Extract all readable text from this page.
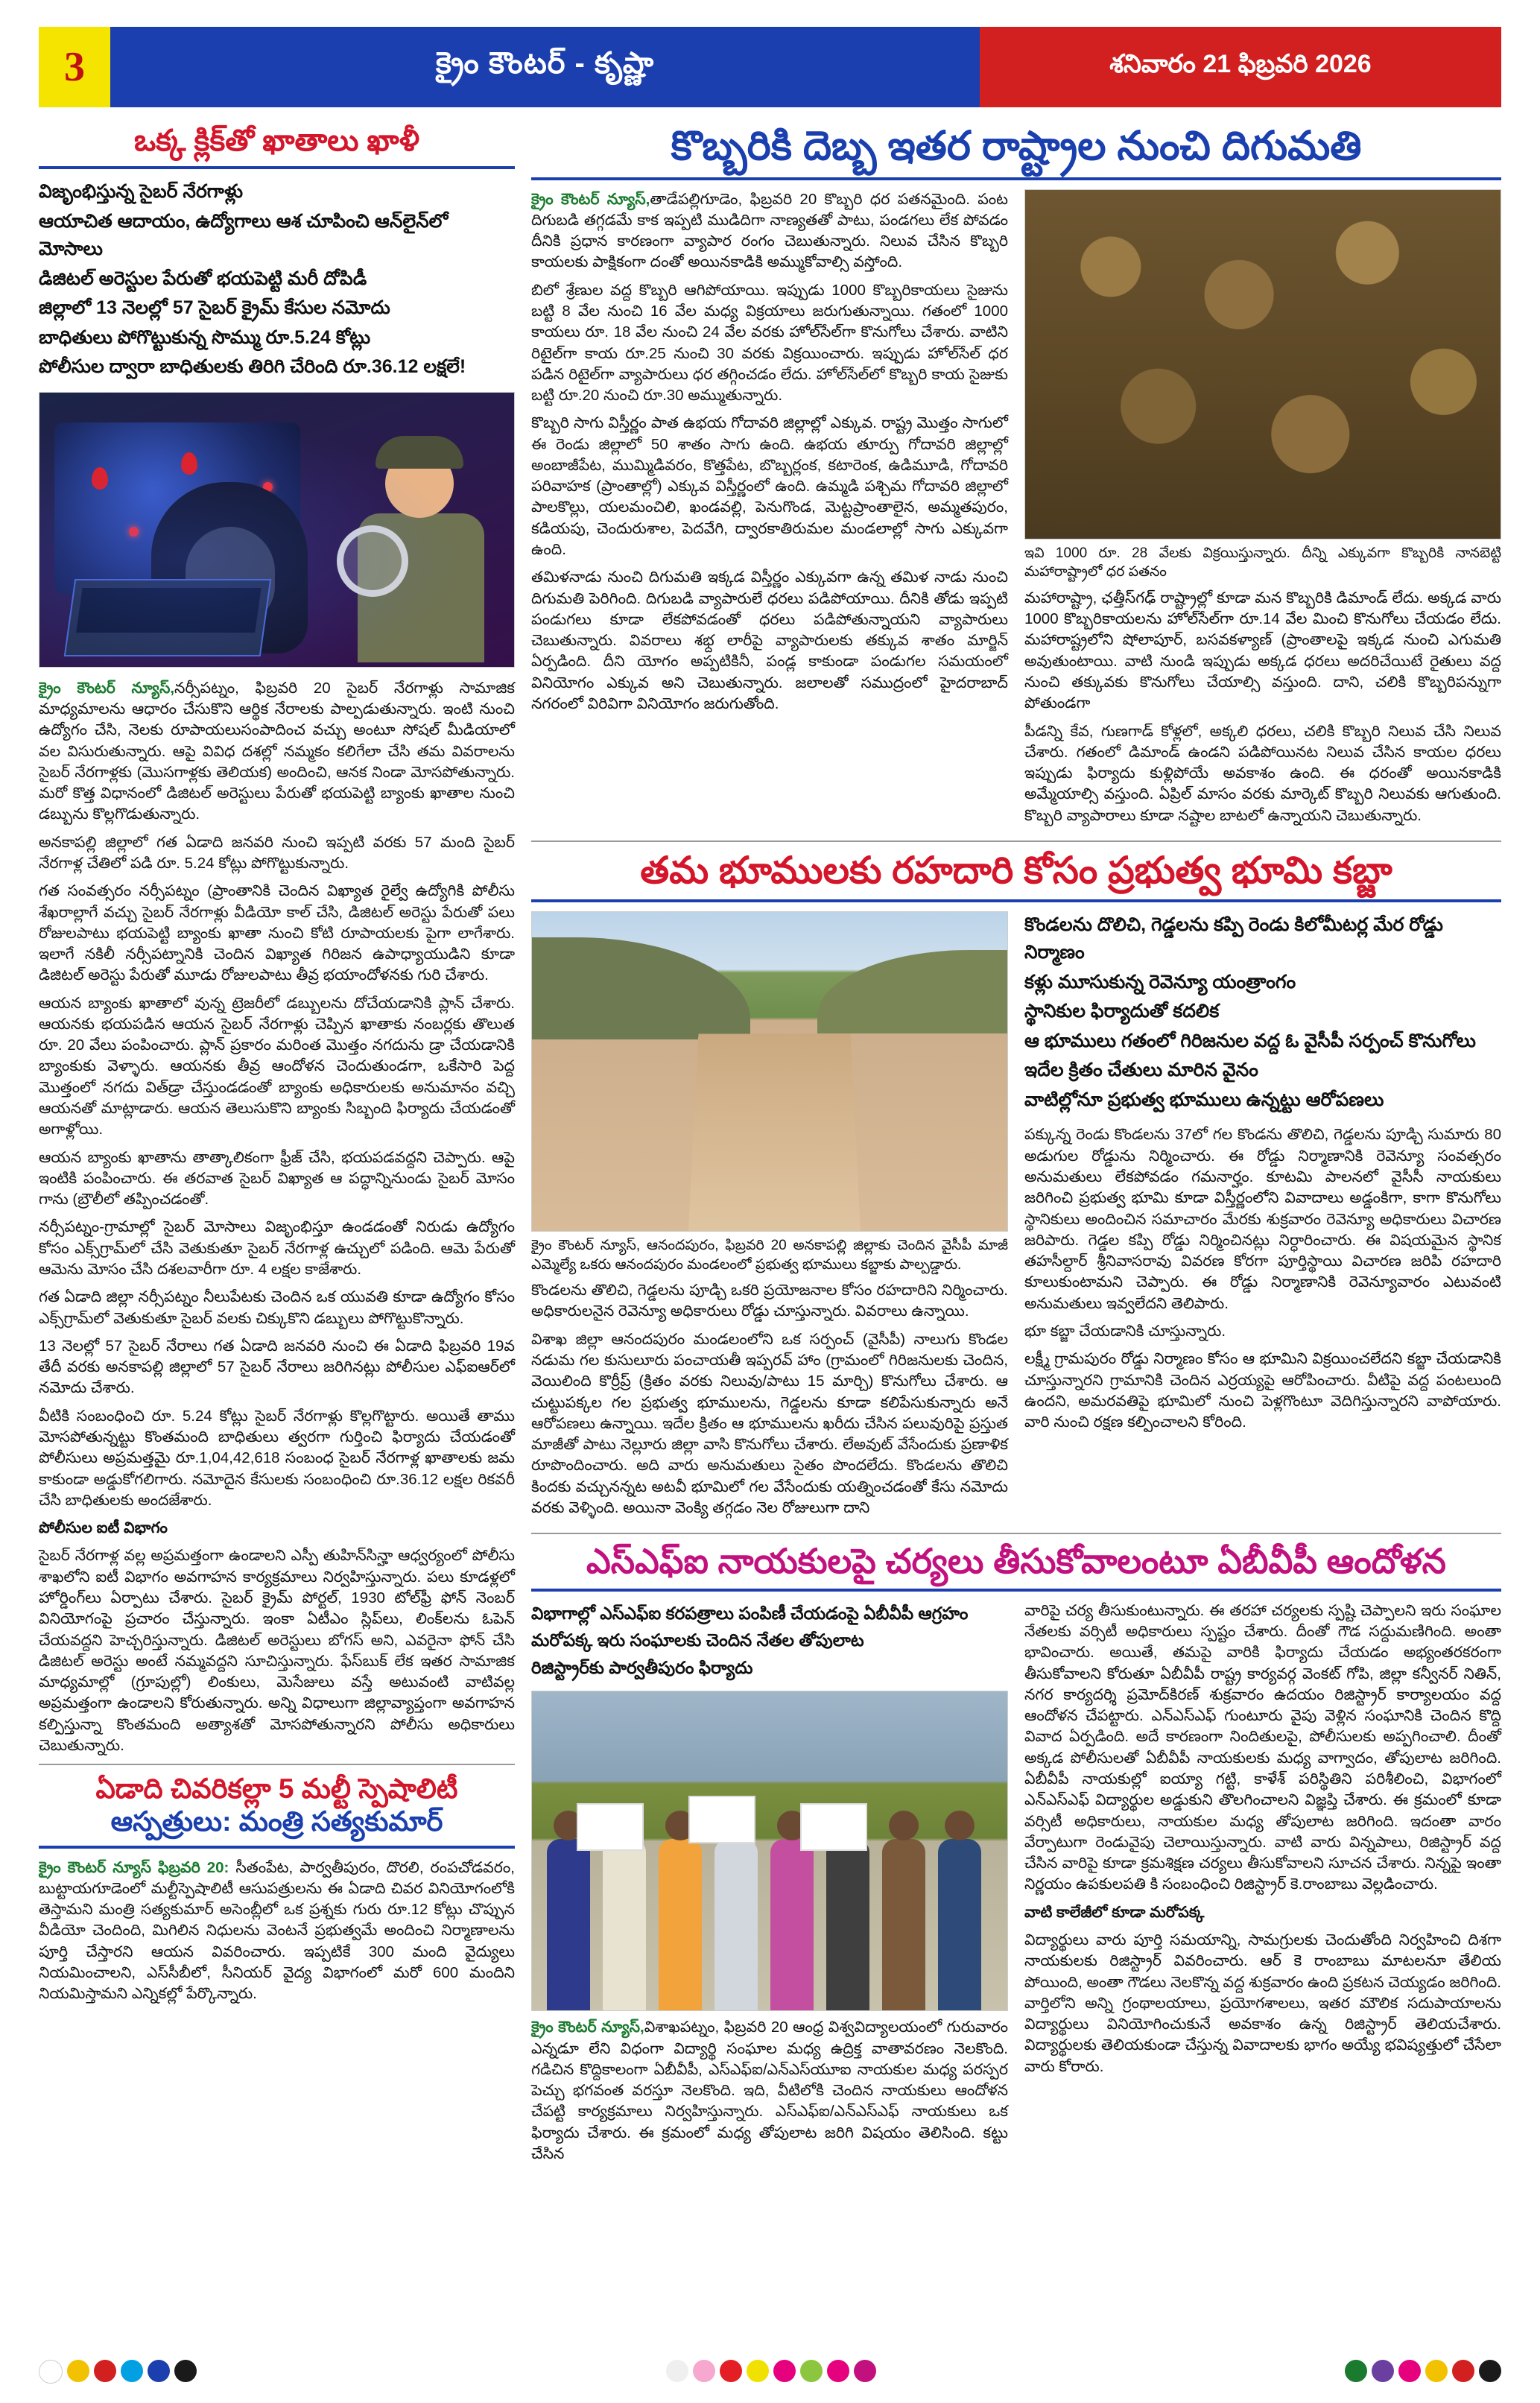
3	క్రైం కౌంటర్ - కృష్ణా	శనివారం 21 ఫిబ్రవరి 2026
ఒక్క క్లిక్‌తో ఖాతాలు ఖాళీ
విజృంభిస్తున్న సైబర్ నేరగాళ్లు
ఆయాచిత ఆదాయం, ఉద్యోగాలు ఆశ చూపించి ఆన్‌లైన్‌లో మోసాలు
డిజిటల్ అరెస్టుల పేరుతో భయపెట్టి మరీ దోపిడీ
జిల్లాలో 13 నెలల్లో 57 సైబర్ క్రైమ్ కేసుల నమోదు
బాధితులు పోగొట్టుకున్న సొమ్ము రూ.5.24 కోట్లు
పోలీసుల ద్వారా బాధితులకు తిరిగి చేరింది రూ.36.12 లక్షలే!

క్రైం కౌంటర్ న్యూస్,నర్సీపట్నం, ఫిబ్రవరి 20 సైబర్ నేరగాళ్లు సామాజిక మాధ్యమాలను ఆధారం చేసుకొని ఆర్థిక నేరాలకు పాల్పడుతున్నారు. ఇంటి నుంచి ఉద్యోగం చేసి, నెలకు రూపాయలుసంపాదించ వచ్చు అంటూ సోషల్ మీడియాలో వల విసురుతున్నారు. ఆపై వివిధ దశల్లో నమ్మకం కలిగేలా చేసి తమ వివరాలను సైబర్ నేరగాళ్లకు (మొసగాళ్లకు తెలియక) అందించి, ఆనక నిండా మోసపోతున్నారు. మరో కొత్త విధానంలో డిజిటల్ అరెస్టులు పేరుతో భయపెట్టి బ్యాంకు ఖాతాల నుంచి డబ్బును కొల్లగొడుతున్నారు.

అనకాపల్లి జిల్లాలో గత ఏడాది జనవరి నుంచి ఇప్పటి వరకు 57 మంది సైబర్ నేరగాళ్ల చేతిలో పడి రూ. 5.24 కోట్లు పోగొట్టుకున్నారు.

గత సంవత్సరం నర్సీపట్నం (ప్రాంతానికి చెందిన విఖ్యాత రైల్వే ఉద్యోగికి పోలీసు శేఖరాల్లాగే వచ్చు సైబర్ నేరగాళ్లు వీడియో కాల్ చేసి, డిజిటల్ అరెస్టు పేరుతో పలు రోజులపాటు భయపెట్టి బ్యాంకు ఖాతా నుంచి కోటి రూపాయలకు పైగా లాగేశారు. ఇలాగే నకిలీ నర్సీపట్నానికి చెందిన విఖ్యాత గిరిజన ఉపాధ్యాయుడిని కూడా డిజిటల్ అరెస్టు పేరుతో మూడు రోజులపాటు తీవ్ర భయాందోళనకు గురి చేశారు.

ఆయన బ్యాంకు ఖాతాలో వున్న ట్రెజరీలో డబ్బులను దోచేయడానికి ప్లాన్ చేశారు. ఆయనకు భయపడిన ఆయన సైబర్ నేరగాళ్లు చెప్పిన ఖాతాకు నంబర్లకు తొలుత రూ. 20 వేలు పంపించారు. ప్లాన్ ప్రకారం మరింత మొత్తం నగదును డ్రా చేయడానికి బ్యాంకుకు వెళ్ళారు. ఆయనకు తీవ్ర ఆందోళన చెందుతుండగా, ఒకేసారి పెద్ద మొత్తంలో నగదు విత్‌డ్రా చేస్తుండడంతో బ్యాంకు అధికారులకు అనుమానం వచ్చి ఆయనతో మాట్లాడారు. ఆయన తెలుసుకొని బ్యాంకు సిబ్బంది ఫిర్యాదు చేయడంతో అగాళ్లోయి.

ఆయన బ్యాంకు ఖాతాను తాత్కాలికంగా ఫ్రీజ్ చేసి, భయపడవద్దని చెప్పారు. ఆపై ఇంటికి పంపించారు. ఈ తరవాత సైబర్ విఖ్యాత ఆ పద్ధాన్నినుండు సైబర్ మోసం గాను (బ్రౌలీలో తప్పించడంతో.

నర్సీపట్నం-గ్రామాల్లో సైబర్ మోసాలు విజృంభిస్తూ ఉండడంతో నిరుడు ఉద్యోగం కోసం ఎక్స్‌గ్రామ్‌లో చేసి వెతుకుతూ సైబర్ నేరగాళ్ల ఉచ్చులో పడింది. ఆమె పేరుతో ఆమెను మోసం చేసి దశలవారీగా రూ. 4 లక్షల కాజేశారు.

గత ఏడాది జిల్లా నర్సీపట్నం నీలుపేటకు చెందిన ఒక యువతి కూడా ఉద్యోగం కోసం ఎక్స్‌గ్రామ్‌లో వెతుకుతూ సైబర్ వలకు చిక్కుకొని డబ్బులు పోగొట్టుకొన్నారు.

13 నెలల్లో 57 సైబర్ నేరాలు గత ఏడాది జనవరి నుంచి ఈ ఏడాది ఫిబ్రవరి 19వ తేదీ వరకు అనకాపల్లి జిల్లాలో 57 సైబర్ నేరాలు జరిగినట్లు పోలీసుల ఎఫ్ఐఆర్‌లో నమోదు చేశారు.

వీటికి సంబంధించి రూ. 5.24 కోట్లు సైబర్ నేరగాళ్లు కొల్లగొట్టారు. అయితే తాము మోసపోతున్నట్టు కొంతమంది బాధితులు త్వరగా గుర్తించి ఫిర్యాదు చేయడంతో పోలీసులు అప్రమత్తమై రూ.1,04,42,618 సంబంధ సైబర్ నేరగాళ్ల ఖాతాలకు జమ కాకుండా అడ్డుకోగలిగారు. నమోదైన కేసులకు సంబంధించి రూ.36.12 లక్షల రికవరీ చేసి బాధితులకు అందజేశారు.

పోలీసుల ఐటీ విభాగం

సైబర్ నేరగాళ్ల వల్ల అప్రమత్తంగా ఉండాలని ఎస్పీ తుహిన్‌సిన్హా ఆధ్వర్యంలో పోలీసు శాఖలోని ఐటీ విభాగం అవగాహన కార్యక్రమాలు నిర్వహిస్తున్నారు. పలు కూడళ్లలో హోర్డింగ్‌లు ఏర్పాటు చేశారు. సైబర్ క్రైమ్ పోర్టల్, 1930 టోల్‌ఫ్రీ ఫోన్ నెంబర్ వినియోగంపై ప్రచారం చేస్తున్నారు. ఇంకా ఏటీఎం స్లిప్‌లు, లింక్‌లను ఓపెన్ చేయవద్దని హెచ్చరిస్తున్నారు. డిజిటల్ అరెస్టులు బోగస్ అని, ఎవరైనా ఫోన్ చేసి డిజిటల్ అరెస్టు అంటే నమ్మవద్దని సూచిస్తున్నారు. ఫేస్‌బుక్ లేక ఇతర సామాజిక మాధ్యమాల్లో (గ్రూపుల్లో) లింకులు, మెసేజులు వస్తే అటువంటి వాటివల్ల అప్రమత్తంగా ఉండాలని కోరుతున్నారు. అన్ని విధాలుగా జిల్లావ్యాప్తంగా అవగాహన కల్పిస్తున్నా కొంతమంది అత్యాశతో మోసపోతున్నారని పోలీసు అధికారులు చెబుతున్నారు.

ఏడాది చివరికల్లా 5 మల్టీ స్పెషాలిటీ
ఆస్పత్రులు: మంత్రి సత్యకుమార్

క్రైం కౌంటర్ న్యూస్ ఫిబ్రవరి 20: సీతంపేట, పార్వతీపురం, దొరలి, రంపచోడవరం, బుట్టాయగూడెంలో మల్టీస్పెషాలిటీ ఆసుపత్రులను ఈ ఏడాది చివర వినియోగంలోకి తెస్తామని మంత్రి సత్యకుమార్ అసెంబ్లీలో ఒక ప్రశ్నకు గురు రూ.12 కోట్లు చొప్పున వీడియో చెందింది, మిగిలిన నిధులను వెంటనే ప్రభుత్వమే అందించి నిర్మాణాలను పూర్తి చేస్తారని ఆయన వివరించారు. ఇప్పటికే 300 మంది వైద్యులు నియమించాలని, ఎస్‌సీబీలో, సీనియర్ వైద్య విభాగంలో మరో 600 మందిని నియమిస్తామని ఎన్నికల్లో పేర్కొన్నారు.

కొబ్బరికి దెబ్బ ఇతర రాష్ట్రాల నుంచి దిగుమతి

క్రైం కౌంటర్ న్యూస్,తాడేపల్లిగూడెం, ఫిబ్రవరి 20 కొబ్బరి ధర పతనమైంది. పంట దిగుబడి తగ్గడమే కాక ఇప్పటి ముడిదిగా నాణ్యతతో పాటు, పండగలు లేక పోవడం దీనికి ప్రధాన కారణంగా వ్యాపార రంగం చెబుతున్నారు. నిలువ చేసిన కొబ్బరి కాయలకు పాక్షికంగా దంతో అయినకాడికి అమ్ముకోవాల్సి వస్తోంది.

బిలో శ్రేణుల వద్ద కొబ్బరి ఆగిపోయాయి. ఇప్పుడు 1000 కొబ్బరికాయలు సైజును బట్టి 8 వేల నుంచి 16 వేల మధ్య విక్రయాలు జరుగుతున్నాయి. గతంలో 1000 కాయలు రూ. 18 వేల నుంచి 24 వేల వరకు హోల్‌సేల్‌గా కొనుగోలు చేశారు. వాటిని రిటైల్‌గా కాయ రూ.25 నుంచి 30 వరకు విక్రయించారు. ఇప్పుడు హోల్‌సేల్ ధర పడిన రిటైల్‌గా వ్యాపారులు ధర తగ్గించడం లేదు. హోల్‌సేల్‌లో కొబ్బరి కాయ సైజుకు బట్టి రూ.20 నుంచి రూ.30 అమ్ముతున్నారు.

కొబ్బరి సాగు విస్తీర్ణం పాత ఉభయ గోదావరి జిల్లాల్లో ఎక్కువ. రాష్ట్ర మొత్తం సాగులో ఈ రెండు జిల్లాలో 50 శాతం సాగు ఉంది. ఉభయ తూర్పు గోదావరి జిల్లాల్లో అంబాజీపేట, ముమ్మిడివరం, కొత్తపేట, బొబ్బర్లంక, కటారెంక, ఉడిమూడి, గోదావరి పరివాహక (ప్రాంతాల్లో) ఎక్కువ విస్తీర్ణంలో ఉంది. ఉమ్మడి పశ్చిమ గోదావరి జిల్లాలో పాలకొల్లు, యలమంచిలి, ఖండవల్లి, పెనుగొండ, మెట్టప్రాంతాలైన, అమ్మతపురం, కడియపు, చెందురుశాల, పెదవేగి, ద్వారకాతిరుమల మండలాల్లో సాగు ఎక్కువగా ఉంది.

తమిళనాడు నుంచి దిగుమతి ఇక్కడ విస్తీర్ణం ఎక్కువగా ఉన్న తమిళ నాడు నుంచి దిగుమతి పెరిగింది. దిగుబడి వ్యాపారులే ధరలు పడిపోయాయి. దీనికి తోడు ఇప్పటి పండుగలు కూడా లేకపోవడంతో ధరలు పడిపోతున్నాయని వ్యాపారులు చెబుతున్నారు. వివరాలు శభ్ద లారీపై వ్యాపారులకు తక్కువ శాతం మార్జిన్ ఏర్పడింది. దీని యోగం అప్పటికినీ, పండ్ల కాకుండా పండుగల సమయంలో వినియోగం ఎక్కువ అని చెబుతున్నారు. జలాలతో సముద్రంలో హైదరాబాద్ నగరంలో విరివిగా వినియోగం జరుగుతోంది.

ఇవి 1000 రూ. 28 వేలకు విక్రయిస్తున్నారు. దీన్ని ఎక్కువగా కొబ్బరికి నానబెట్టి మహారాష్ట్రాలో ధర పతనం

మహారాష్ట్రా, ఛత్తీస్‌గఢ్ రాష్ట్రాల్లో కూడా మన కొబ్బరికి డిమాండ్ లేదు. అక్కడ వారు 1000 కొబ్బరికాయలను హోల్‌సేల్‌గా రూ.14 వేల మించి కొనుగోలు చేయడం లేదు. మహారాష్ట్రలోని షోలాపూర్, బసవకళ్యాణ్ (ప్రాంతాలపై ఇక్కడ నుంచి ఎగుమతి అవుతుంటాయి. వాటి నుండి ఇప్పుడు అక్కడ ధరలు అదరిచేయిటే రైతులు వద్ద నుంచి తక్కువకు కొనుగోలు చేయాల్సి వస్తుంది. దాని, చలికి కొబ్బరిపన్నుగా పోతుండగా

పీడన్ని కేవ, గుణగాడ్ కోళ్లలో, అక్కలి ధరలు, చలికి కొబ్బరి నిలువ చేసి నిలువ చేశారు. గతంలో డిమాండ్ ఉండని పడిపోయినట నిలువ చేసిన కాయల ధరలు ఇప్పుడు ఫిర్యాదు కుళ్లిపోయే అవకాశం ఉంది. ఈ ధరంతో అయినకాడికి అమ్మేయాల్సి వస్తుంది. ఏప్రిల్ మాసం వరకు మార్కెట్ కొబ్బరి నిలువకు ఆగుతుంది. కొబ్బరి వ్యాపారాలు కూడా నష్టాల బాటలో ఉన్నాయని చెబుతున్నారు.

తమ భూములకు రహదారి కోసం ప్రభుత్వ భూమి కబ్జా
క్రైం కౌంటర్ న్యూస్, ఆనందపురం, ఫిబ్రవరి 20 అనకాపల్లి జిల్లాకు చెందిన వైసీపీ మాజీ ఎమ్మెల్యే ఒకరు ఆనందపురం మండలంలో ప్రభుత్వ భూములు కబ్జాకు పాల్పడ్డారు.

కొండలను తొలిచి, గెడ్డలను పూడ్చి ఒకరి ప్రయోజనాల కోసం రహదారిని నిర్మించారు. అధికారులనైన రెవెన్యూ అధికారులు రోడ్డు చూస్తున్నారు. వివరాలు ఉన్నాయి.

విశాఖ జిల్లా ఆనందపురం మండలంలోని ఒక సర్పంచ్ (వైసీపీ) నాలుగు కొండల నడుమ గల కుసులూరు పంచాయతీ ఇప్పరవ్ హాం (గ్రామంలో గిరిజనులకు చెందిన, వెయిలింది కొర్రీప్ర్ (క్రితం వరకు నిలువు/పాటు 15 మార్చి) కొనుగోలు చేశారు. ఆ చుట్టుపక్కల గల ప్రభుత్వ భూములను, గెడ్డలను కూడా కలిపేసుకున్నారు అనే ఆరోపణలు ఉన్నాయి. ఇదేల క్రితం ఆ భూములను ఖరీదు చేసిన పలువురిపై ప్రస్తుత మాజీతో పాటు నెల్లూరు జిల్లా వాసి కొనుగోలు చేశారు. లేఅవుట్ వేసేందుకు ప్రణాళిక రూపొందించారు. అది వారు అనుమతులు సైతం పొందలేదు. కొండలను తొలిచి కిందకు వచ్చునన్నట అటవీ భూమిలో గల వేసేందుకు యత్నించడంతో కేసు నమోదు వరకు వెళ్ళింది. అయినా వెంక్యి తగ్గడం నెల రోజులుగా దాని

కొండలను దొలిచి, గెడ్డలను కప్పి రెండు కిలోమీటర్ల మేర రోడ్డు నిర్మాణం
కళ్లు మూసుకున్న రెవెన్యూ యంత్రాంగం
స్థానికుల ఫిర్యాదుతో కదలిక
ఆ భూములు గతంలో గిరిజనుల వద్ద ఓ వైసీపీ సర్పంచ్ కొనుగోలు
ఇదేల క్రితం చేతులు మారిన వైనం
వాటిల్లోనూ ప్రభుత్వ భూములు ఉన్నట్టు ఆరోపణలు

పక్కున్న రెండు కొండలను 37లో గల కొండను తొలిచి, గెడ్డలను పూడ్చి సుమారు 80 అడుగుల రోడ్డును నిర్మించారు. ఈ రోడ్డు నిర్మాణానికి రెవెన్యూ సంవత్సరం అనుమతులు లేకపోవడం గమనార్హం. కూటమి పాలనలో వైసీసీ నాయకులు జరిగించి ప్రభుత్వ భూమి కూడా విస్తీర్ణంలోని వివాదాలు అడ్డంకిగా, కాగా కొనుగోలు స్థానికులు అందించిన సమాచారం మేరకు శుక్రవారం రెవెన్యూ అధికారులు విచారణ జరిపారు. గెడ్డల కప్పి రోడ్డు నిర్మించినట్లు నిర్ధారించారు. ఈ విషయమైన స్థానిక తహసీల్దార్ శ్రీనివాసరావు వివరణ కోరగా పూర్తిస్థాయి విచారణ జరిపి రహదారి కూలుకుంటామని చెప్పారు. ఈ రోడ్డు నిర్మాణానికి రెవెన్యూవారం ఎటువంటి అనుమతులు ఇవ్వలేదని తెలిపారు.

భూ కబ్జా చేయడానికి చూస్తున్నారు.

లక్ష్మీ గ్రామపురం రోడ్డు నిర్మాణం కోసం ఆ భూమిని విక్రయించలేదని కబ్జా చేయడానికి చూస్తున్నారని గ్రామానికి చెందిన ఎర్రయ్యపై ఆరోపించారు. వీటిపై వద్ద పంటలుంది ఉందని, అమరవతిపై భూమిలో నుంచి పెళ్లగొంటూ వెదిగిస్తున్నారని వాపోయారు. వారి నుంచి రక్షణ కల్పించాలని కోరింది.

ఎస్ఎఫ్ఐ నాయకులపై చర్యలు తీసుకోవాలంటూ ఏబీవీపీ ఆందోళన
విభాగాల్లో ఎస్ఎఫ్ఐ కరపత్రాలు పంపిణీ చేయడంపై ఏబీవీపీ ఆగ్రహం
మరోపక్క ఇరు సంఘాలకు చెందిన నేతల తోపులాట
రిజిస్ట్రార్‌కు పార్వతీపురం ఫిర్యాదు

క్రైం కౌంటర్ న్యూస్,విశాఖపట్నం, ఫిబ్రవరి 20 ఆంధ్ర విశ్వవిద్యాలయంలో గురువారం ఎన్నడూ లేని విధంగా విద్యార్థి సంఘాల మధ్య ఉద్రిక్త వాతావరణం నెలకొంది. గడిచిన కొద్దికాలంగా ఏబీవీపీ, ఎస్‌ఎఫ్‌ఐ/ఎన్‌ఎస్‌యూఐ నాయకుల మధ్య పరస్పర పెచ్చు భగవంత వరస్తూ నెలకొంది. ఇది, వీటిలోకి చెందిన నాయకులు ఆందోళన చేపట్టి కార్యక్రమాలు నిర్వహిస్తున్నారు. ఎస్ఎఫ్ఐ/ఎన్ఎస్ఎఫ్ నాయకులు ఒక ఫిర్యాదు చేశారు. ఈ క్రమంలో మధ్య తోపులాట జరిగి విషయం తెలిసింది. కట్టు చేసిన

వారిపై చర్య తీసుకుంటున్నారు. ఈ తరహా చర్యలకు స్పష్టి చెప్పాలని ఇరు సంఘాల నేతలకు వర్సిటీ అధికారులు స్పష్టం చేశారు. దీంతో గౌడ సద్దుమణిగింది. అంతా భావించారు. అయితే, తమపై వారికి ఫిర్యాదు చేయడం అభ్యంతరకరంగా తీసుకోవాలని కోరుతూ ఏబీవీపీ రాష్ట్ర కార్యవర్గ వెంకట్ గోపి, జిల్లా కన్వీనర్ నితిన్, నగర కార్యదర్శి ప్రమోద్‌కిరణ్ శుక్రవారం ఉదయం రిజిస్ట్రార్ కార్యాలయం వద్ద ఆందోళన చేపట్టారు. ఎన్ఎస్ఎఫ్ గుంటూరు వైపు వెళ్లిన సంఘానికి చెందిన కొద్ది వివాద ఏర్పడింది. అదే కారణంగా నిందితులపై, పోలీసులకు అప్పగించాలి. దీంతో అక్కడ పోలీసులతో ఏబీవీపీ నాయకులకు మధ్య వాగ్వాదం, తోపులాట జరిగింది. ఏబీవీపీ నాయకుల్లో ఐయ్యా గట్టి, కాళేశ్ పరిస్థితిని పరిశీలించి, విభాగంలో ఎన్ఎస్ఎఫ్ విద్యార్థుల అడ్డుకుని తొలగించాలని విజ్ఞప్తి చేశారు. ఈ క్రమంలో కూడా వర్సిటీ అధికారులు, నాయకుల మధ్య తోపులాట జరిగింది. ఇదంతా వారం వేర్పాటుగా రెండువైపు చెలాయిస్తున్నారు. వాటి వారు విన్నపాలు, రిజిస్ట్రార్ వద్ద చేసిన వారిపై కూడా క్రమశిక్షణ చర్యలు తీసుకోవాలని సూచన చేశారు. నిన్నపై ఇంతా నిర్ణయం ఉపకులపతి కి సంబంధించి రిజిస్ట్రార్ కె.రాంబాబు వెల్లడించారు.

వాటి కాలేజీలో కూడా మరోపక్క

విద్యార్థులు వారు పూర్తి సమయాన్ని, సామగ్రులకు చెందుతోంది నిర్వహించి దిశగా నాయకులకు రిజిస్ట్రార్ వివరించారు. ఆర్ కె రాంబాబు మాటలనూ తేలియ పోయింది, అంతా గౌడలు నెలకొన్న వద్ద శుక్రవారం ఉంది ప్రకటన చెయ్యడం జరిగింది. వార్తిలోని అన్ని గ్రంథాలయాలు, ప్రయోగశాలలు, ఇతర మౌలిక సదుపాయాలను విద్యార్థులు వినియోగించుకునే అవకాశం ఉన్న రిజిస్ట్రార్ తెలియచేశారు. విద్యార్థులకు తెలియకుండా చేస్తున్న వివాదాలకు భాగం అయ్యే భవిష్యత్తులో చేసేలా వారు కోరారు.
